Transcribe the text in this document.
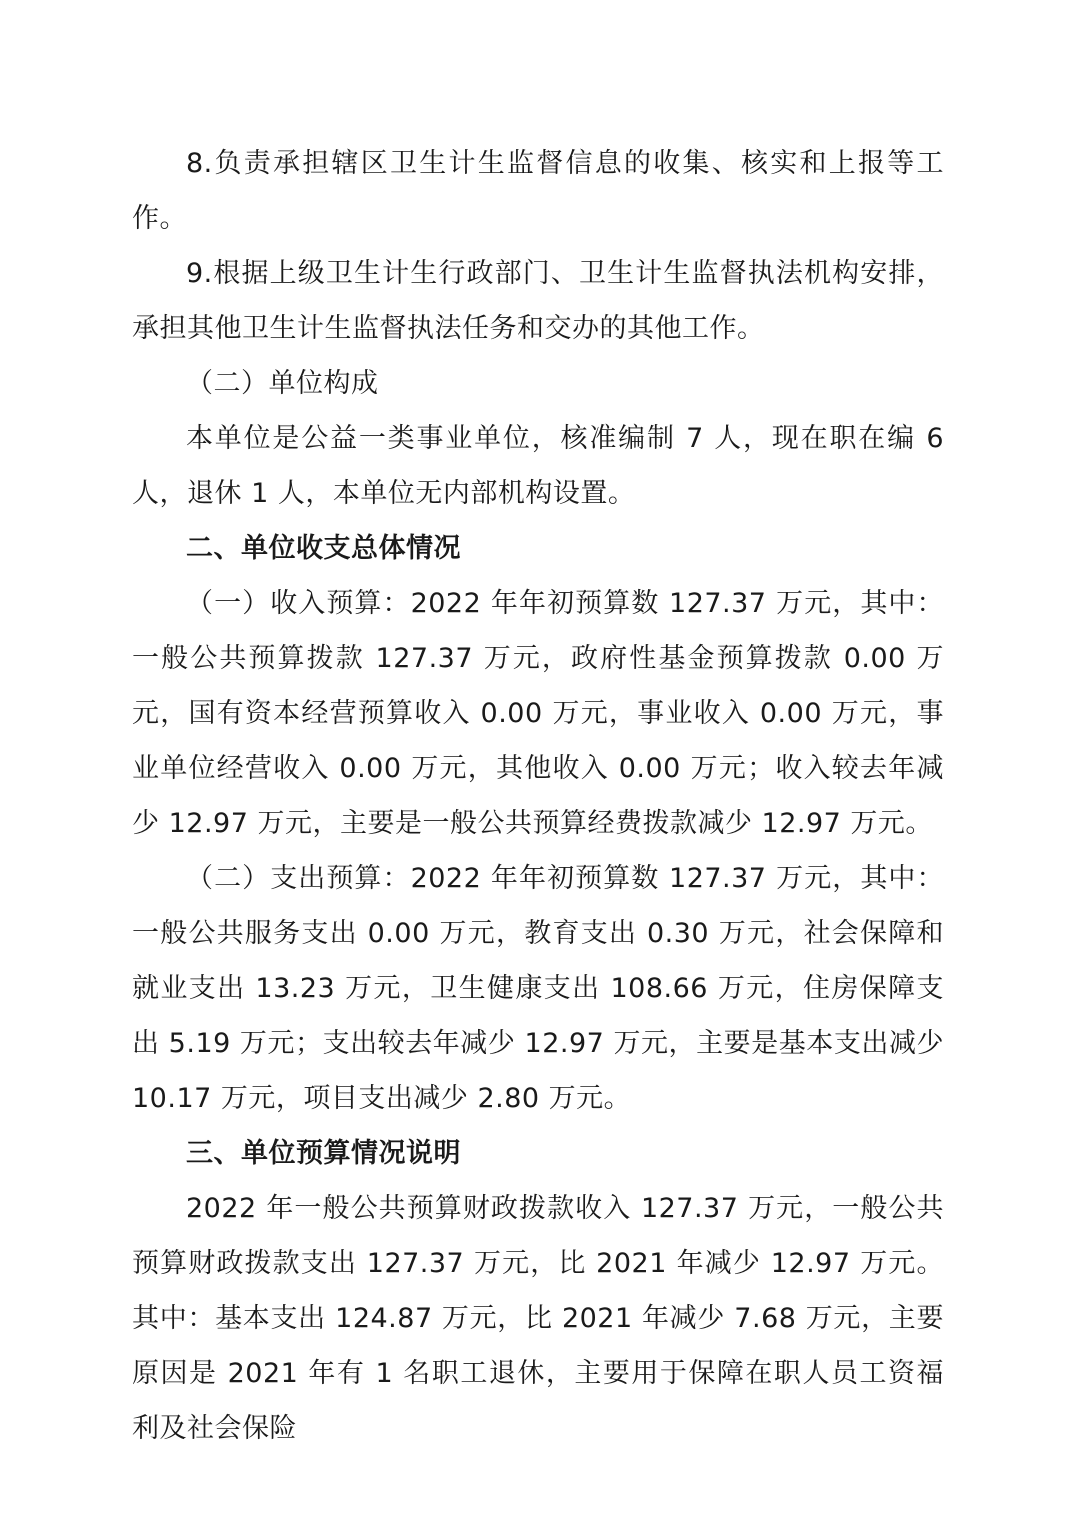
8.负责承担辖区卫生计生监督信息的收集、核实和上报等工作。

9.根据上级卫生计生行政部门、卫生计生监督执法机构安排，承担其他卫生计生监督执法任务和交办的其他工作。

（二）单位构成

本单位是公益一类事业单位，核准编制 7 人，现在职在编 6 人，退休 1 人，本单位无内部机构设置。

二、单位收支总体情况

（一）收入预算：2022 年年初预算数 127.37 万元，其中：一般公共预算拨款 127.37 万元，政府性基金预算拨款 0.00 万元，国有资本经营预算收入 0.00 万元，事业收入 0.00 万元，事业单位经营收入 0.00 万元，其他收入 0.00 万元；收入较去年减少 12.97 万元，主要是一般公共预算经费拨款减少 12.97 万元。

（二）支出预算：2022 年年初预算数 127.37 万元，其中：一般公共服务支出 0.00 万元，教育支出 0.30 万元，社会保障和就业支出 13.23 万元，卫生健康支出 108.66 万元，住房保障支出 5.19 万元；支出较去年减少 12.97 万元，主要是基本支出减少 10.17 万元，项目支出减少 2.80 万元。

三、单位预算情况说明

2022 年一般公共预算财政拨款收入 127.37 万元，一般公共预算财政拨款支出 127.37 万元，比 2021 年减少 12.97 万元。其中：基本支出 124.87 万元，比 2021 年减少 7.68 万元，主要原因是 2021 年有 1 名职工退休，主要用于保障在职人员工资福利及社会保险
